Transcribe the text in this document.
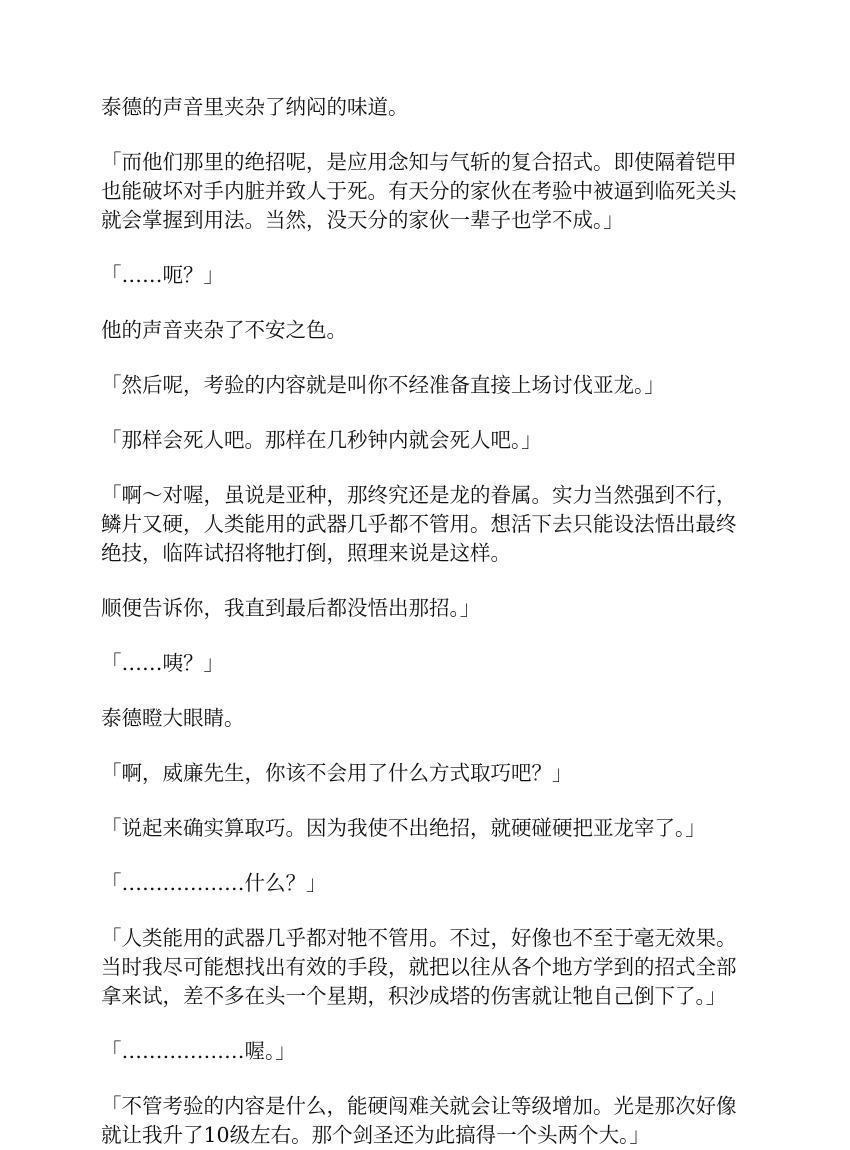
泰德的声音里夹杂了纳闷的味道。

「而他们那里的绝招呢，是应用念知与气斩的复合招式。即使隔着铠甲也能破坏对手内脏并致人于死。有天分的家伙在考验中被逼到临死关头就会掌握到用法。当然，没天分的家伙一辈子也学不成。」

「……呃？」

他的声音夹杂了不安之色。

「然后呢，考验的内容就是叫你不经准备直接上场讨伐亚龙。」

「那样会死人吧。那样在几秒钟内就会死人吧。」

「啊～对喔，虽说是亚种，那终究还是龙的眷属。实力当然强到不行，鳞片又硬，人类能用的武器几乎都不管用。想活下去只能设法悟出最终绝技，临阵试招将牠打倒，照理来说是这样。

顺便告诉你，我直到最后都没悟出那招。」

「……咦？」

泰德瞪大眼睛。

「啊，威廉先生，你该不会用了什么方式取巧吧？」

「说起来确实算取巧。因为我使不出绝招，就硬碰硬把亚龙宰了。」

「………………什么？」

「人类能用的武器几乎都对牠不管用。不过，好像也不至于毫无效果。当时我尽可能想找出有效的手段，就把以往从各个地方学到的招式全部拿来试，差不多在头一个星期，积沙成塔的伤害就让牠自己倒下了。」

「………………喔。」

「不管考验的内容是什么，能硬闯难关就会让等级增加。光是那次好像就让我升了10级左右。那个剑圣还为此搞得一个头两个大。」
